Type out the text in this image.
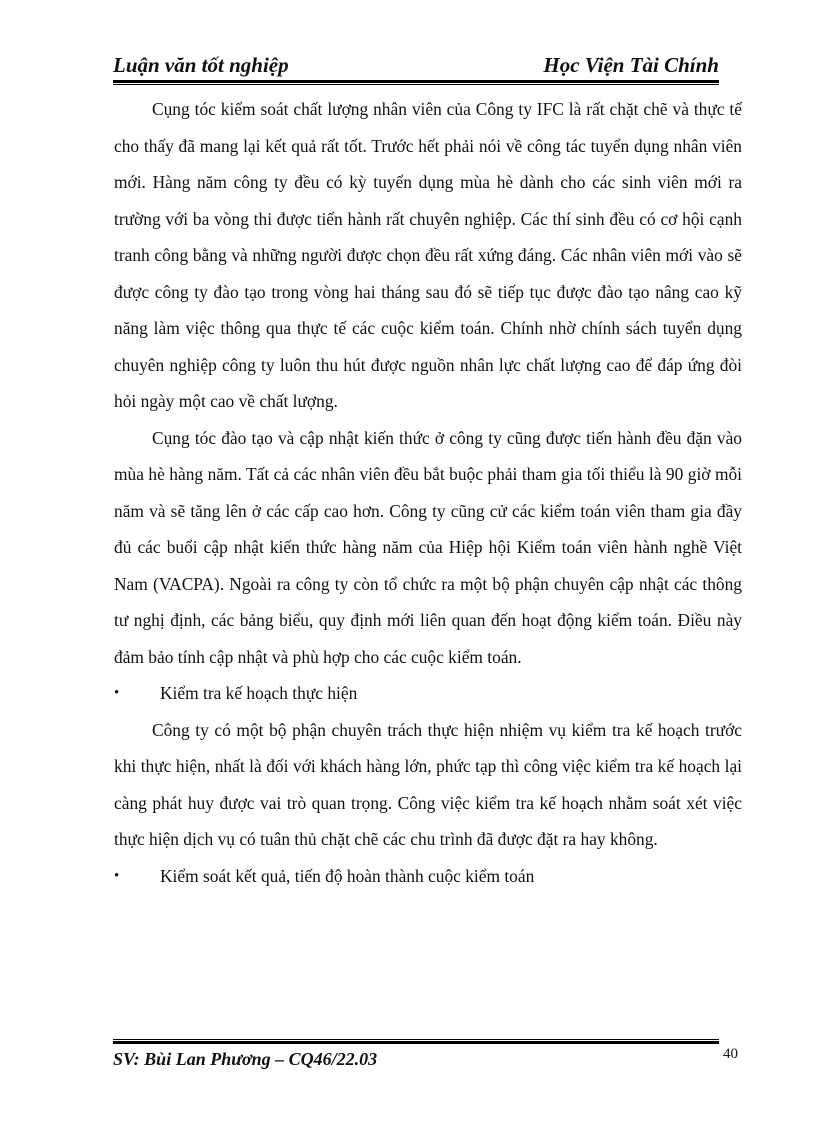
Luận văn tốt nghiệp	Học Viện Tài Chính

Cụng tóc kiểm soát chất lượng nhân viên của Công ty IFC là rất chặt chẽ và thực tế cho thấy đã mang lại kết quả rất tốt. Trước hết phải nói về công tác tuyển dụng nhân viên mới. Hàng năm công ty đều có kỳ tuyển dụng mùa hè dành cho các sinh viên mới ra trường với ba vòng thi được tiến hành rất chuyên nghiệp. Các thí sinh đều có cơ hội cạnh tranh công bằng và những người được chọn đều rất xứng đáng. Các nhân viên mới vào sẽ được công ty đào tạo trong vòng hai tháng sau đó sẽ tiếp tục được đào tạo nâng cao kỹ năng làm việc thông qua thực tế các cuộc kiểm toán. Chính nhờ chính sách tuyển dụng chuyên nghiệp công ty luôn thu hút được nguồn nhân lực chất lượng cao để đáp ứng đòi hỏi ngày một cao về chất lượng.

Cụng tóc đào tạo và cập nhật kiến thức ở công ty cũng được tiến hành đều đặn vào mùa hè hàng năm. Tất cả các nhân viên đều bắt buộc phải tham gia tối thiểu là 90 giờ mỗi năm và sẽ tăng lên ở các cấp cao hơn. Công ty cũng cử các kiểm toán viên tham gia đầy đủ các buổi cập nhật kiến thức hàng năm của Hiệp hội Kiểm toán viên hành nghề Việt Nam (VACPA). Ngoài ra công ty còn tổ chức ra một bộ phận chuyên cập nhật các thông tư nghị định, các bảng biểu, quy định mới liên quan đến hoạt động kiểm toán. Điều này đảm bảo tính cập nhật và phù hợp cho các cuộc kiểm toán.

•	Kiểm tra kế hoạch thực hiện

Công ty có một bộ phận chuyên trách thực hiện nhiệm vụ kiểm tra kế hoạch trước khi thực hiện, nhất là đối với khách hàng lớn, phức tạp thì công việc kiểm tra kế hoạch lại càng phát huy được vai trò quan trọng. Công việc kiểm tra kế hoạch nhằm soát xét việc thực hiện dịch vụ có tuân thủ chặt chẽ các chu trình đã được đặt ra hay không.

•	Kiểm soát kết quả, tiến độ hoàn thành cuộc kiểm toán
SV: Bùi Lan Phương – CQ46/22.03	40
